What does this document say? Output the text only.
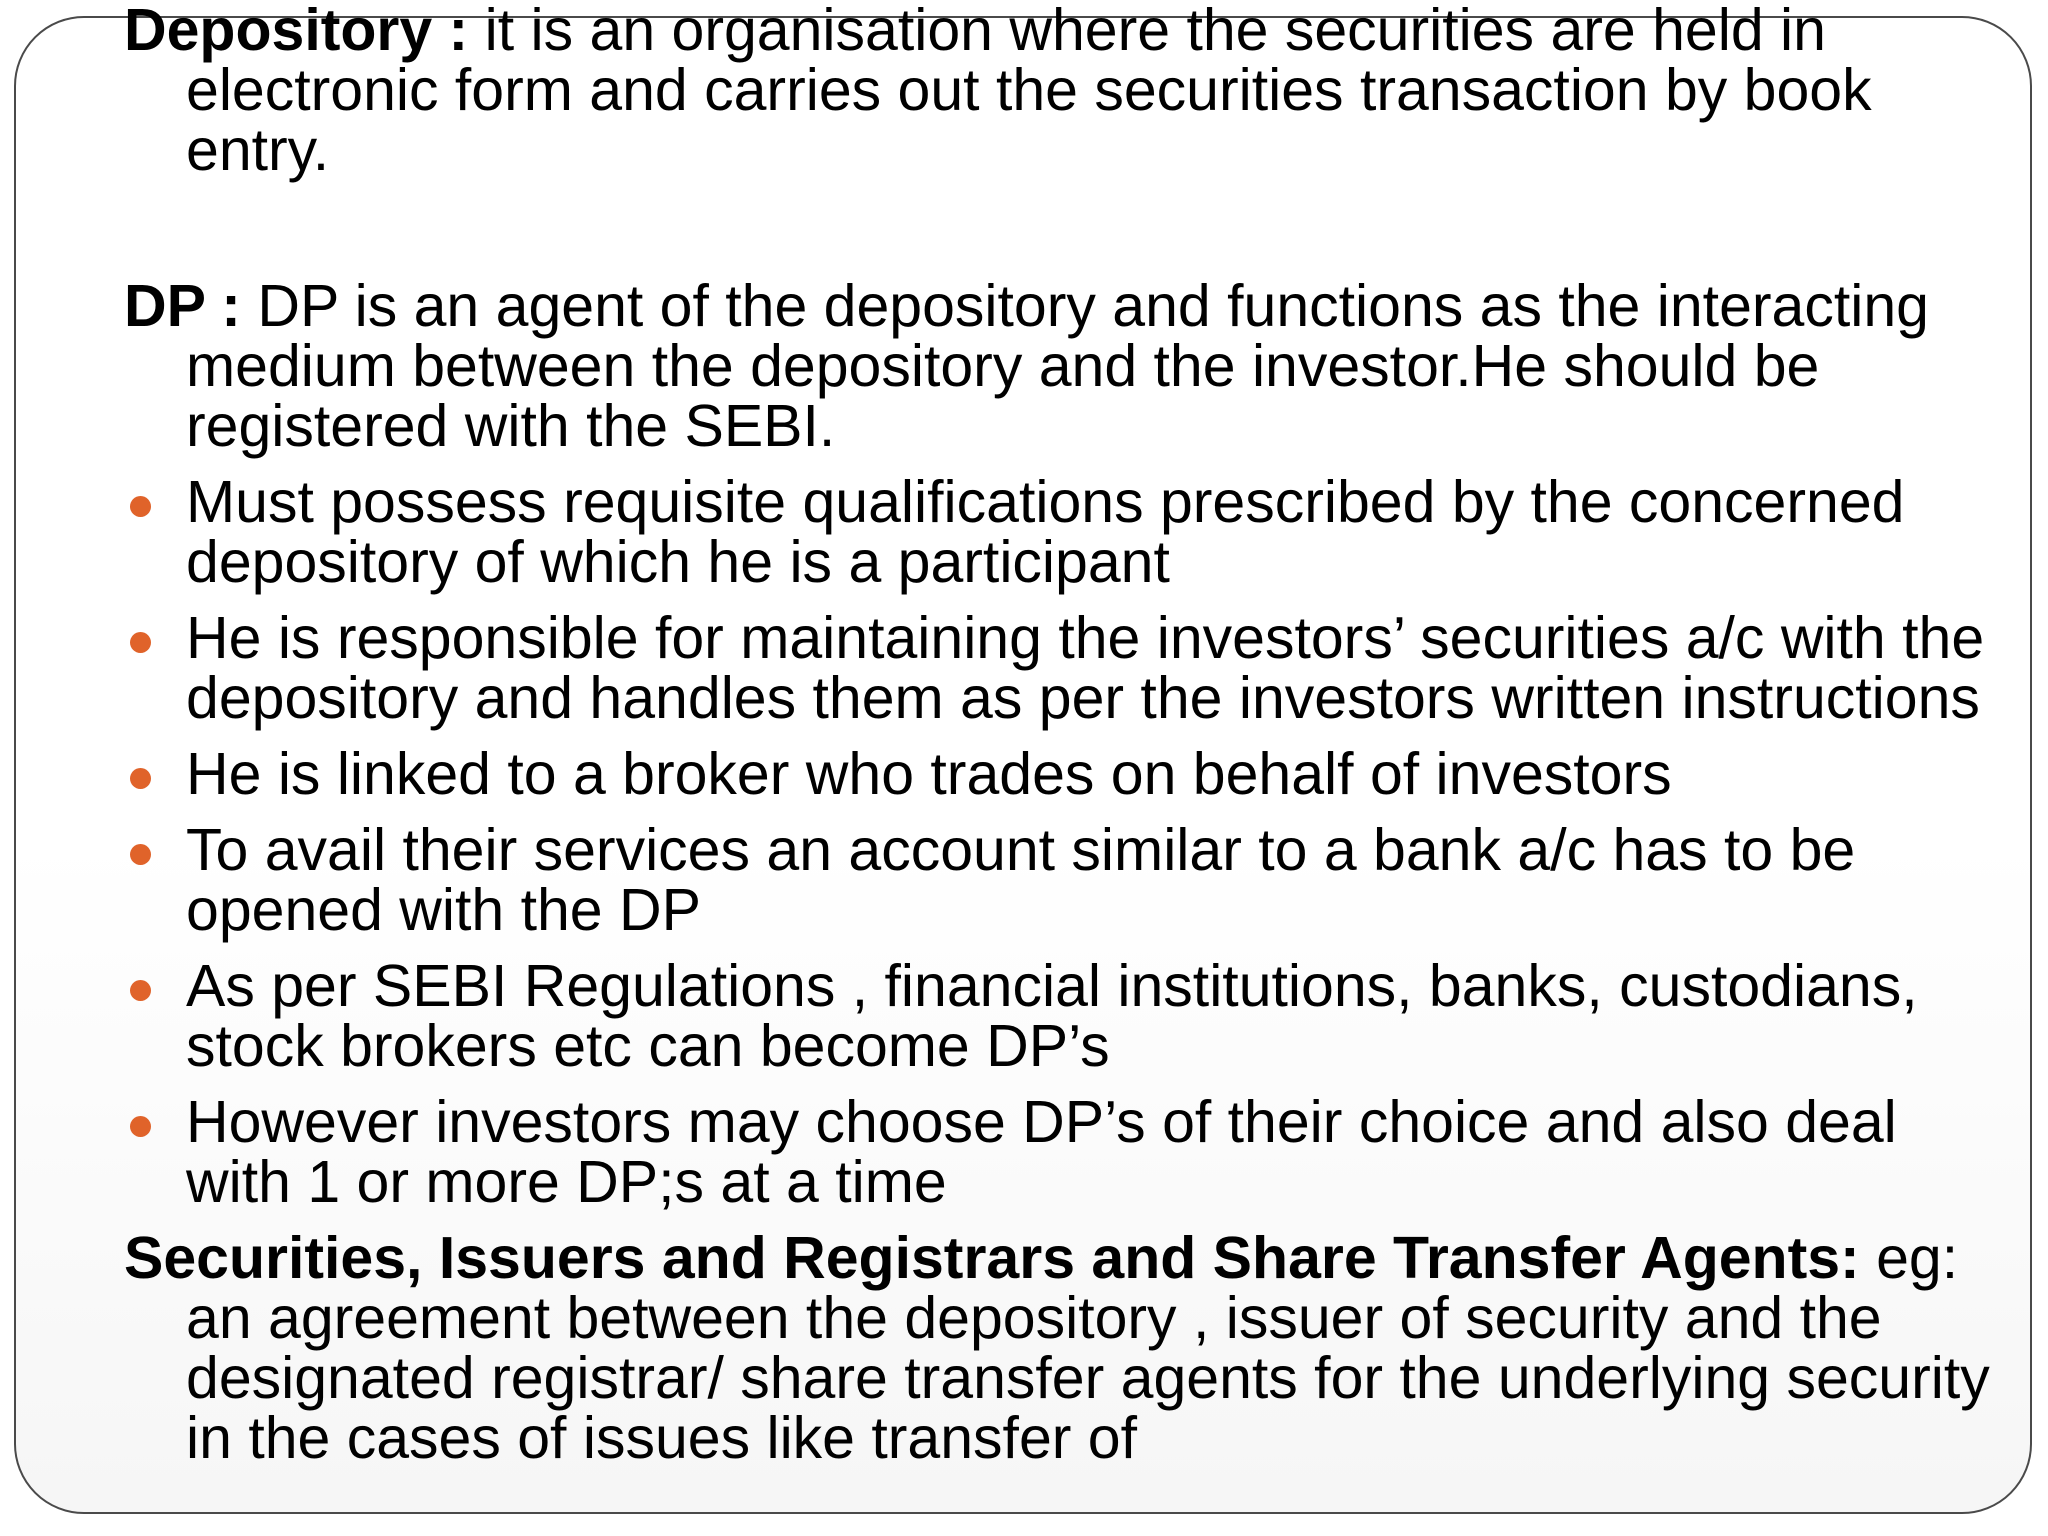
Depository : it is an organisation where the securities are held in electronic form and carries out the securities transaction by book entry.

DP : DP is an agent of the depository and functions as the interacting medium between the depository and the investor.He should be registered with the SEBI.

Must possess requisite qualifications prescribed by the concerned depository of which he is a participant
He is responsible for maintaining the investors’ securities a/c with the depository and handles them as per the investors written instructions
He is linked to a broker who trades on behalf of investors
To avail their services an account similar to a bank a/c has to be opened with the DP
As per SEBI Regulations , financial institutions, banks, custodians, stock brokers etc can become DP’s
However investors may choose DP’s of their choice and also deal with 1 or more DP;s at a time

Securities, Issuers and Registrars and Share Transfer Agents: eg: an agreement between the depository , issuer of security and the designated registrar/ share transfer agents for the underlying security in the cases of issues like transfer of
